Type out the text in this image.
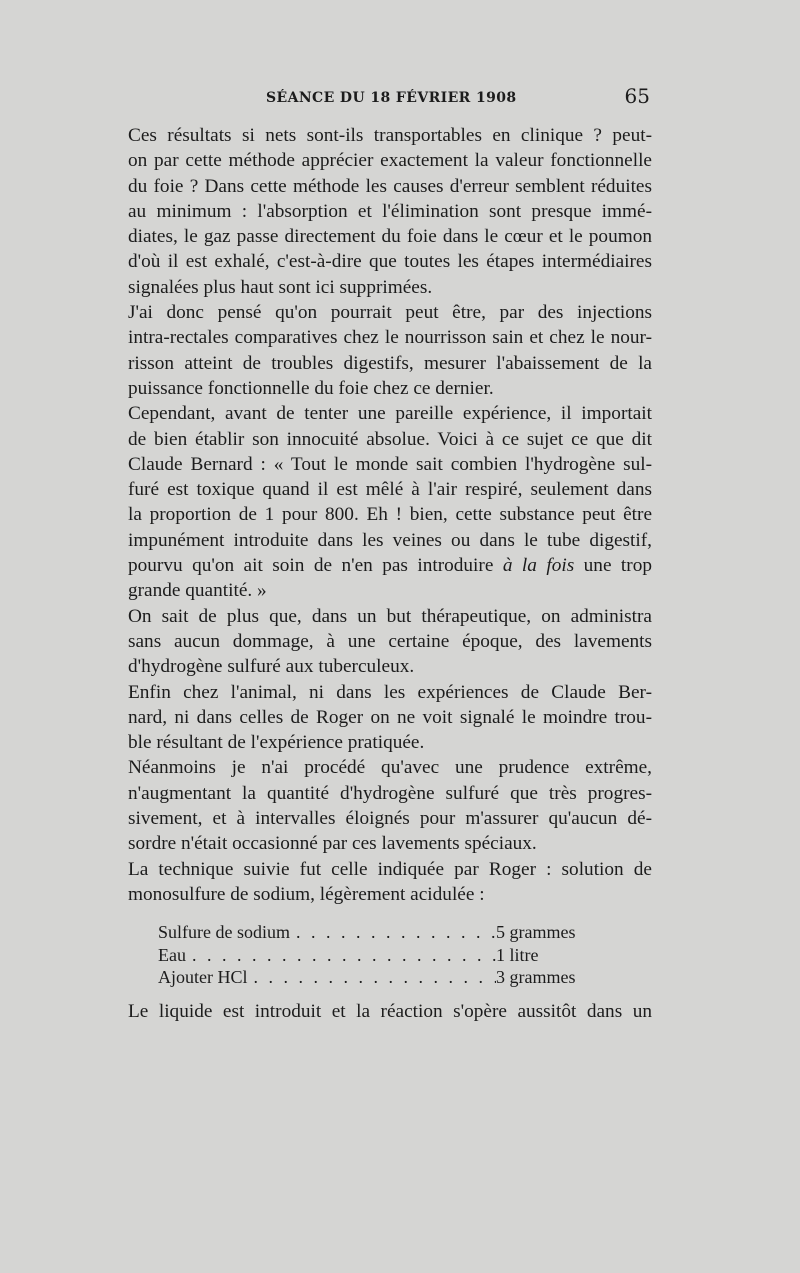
SÉANCE DU 18 FÉVRIER 1908	65

Ces résultats si nets sont-ils transportables en clinique ? peut-
on par cette méthode apprécier exactement la valeur fonctionnelle
du foie ? Dans cette méthode les causes d'erreur semblent réduites
au minimum : l'absorption et l'élimination sont presque immé-
diates, le gaz passe directement du foie dans le cœur et le poumon
d'où il est exhalé, c'est-à-dire que toutes les étapes intermédiaires
signalées plus haut sont ici supprimées.

J'ai donc pensé qu'on pourrait peut être, par des injections
intra-rectales comparatives chez le nourrisson sain et chez le nour-
risson atteint de troubles digestifs, mesurer l'abaissement de la
puissance fonctionnelle du foie chez ce dernier.

Cependant, avant de tenter une pareille expérience, il importait
de bien établir son innocuité absolue. Voici à ce sujet ce que dit
Claude Bernard : « Tout le monde sait combien l'hydrogène sul-
furé est toxique quand il est mêlé à l'air respiré, seulement dans
la proportion de 1 pour 800. Eh ! bien, cette substance peut être
impunément introduite dans les veines ou dans le tube digestif,
pourvu qu'on ait soin de n'en pas introduire à la fois une trop
grande quantité. »

On sait de plus que, dans un but thérapeutique, on administra
sans aucun dommage, à une certaine époque, des lavements
d'hydrogène sulfuré aux tuberculeux.

Enfin chez l'animal, ni dans les expériences de Claude Ber-
nard, ni dans celles de Roger on ne voit signalé le moindre trou-
ble résultant de l'expérience pratiquée.

Néanmoins je n'ai procédé qu'avec une prudence extrême,
n'augmentant la quantité d'hydrogène sulfuré que très progres-
sivement, et à intervalles éloignés pour m'assurer qu'aucun dé-
sordre n'était occasionné par ces lavements spéciaux.

La technique suivie fut celle indiquée par Roger : solution de
monosulfure de sodium, légèrement acidulée :

Sulfure de sodium . . .	5 grammes
Eau . . .	1 litre
Ajouter HCl . . .	3 grammes

Le liquide est introduit et la réaction s'opère aussitôt dans un
